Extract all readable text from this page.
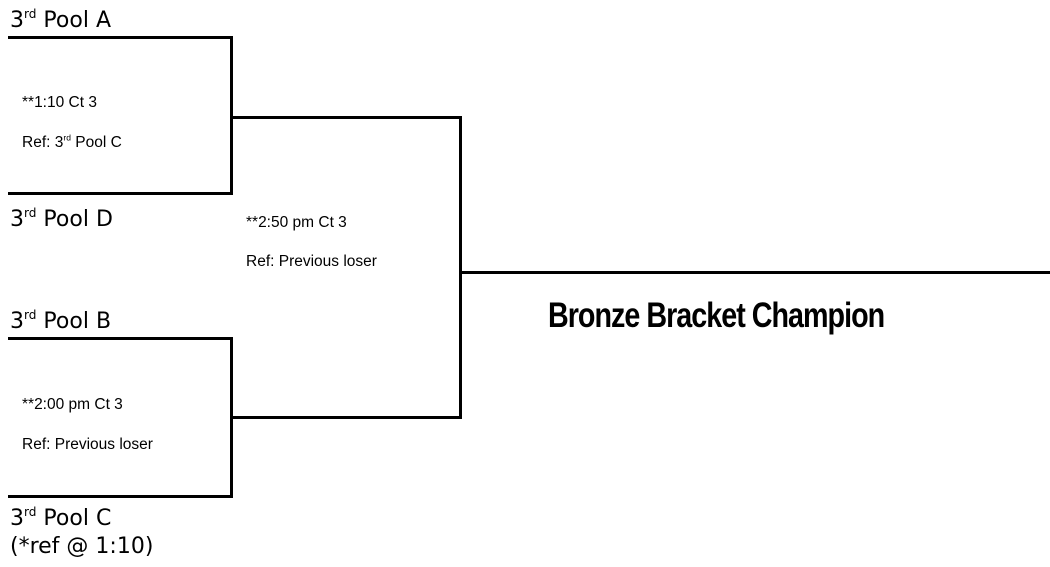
3rd Pool A
3rd Pool D
3rd Pool B
3rd Pool C
(*ref @ 1:10)
**1:10 Ct 3
Ref: 3rd Pool C
**2:50 pm Ct 3
Ref: Previous loser
**2:00 pm Ct 3
Ref: Previous loser
Bronze Bracket Champion
